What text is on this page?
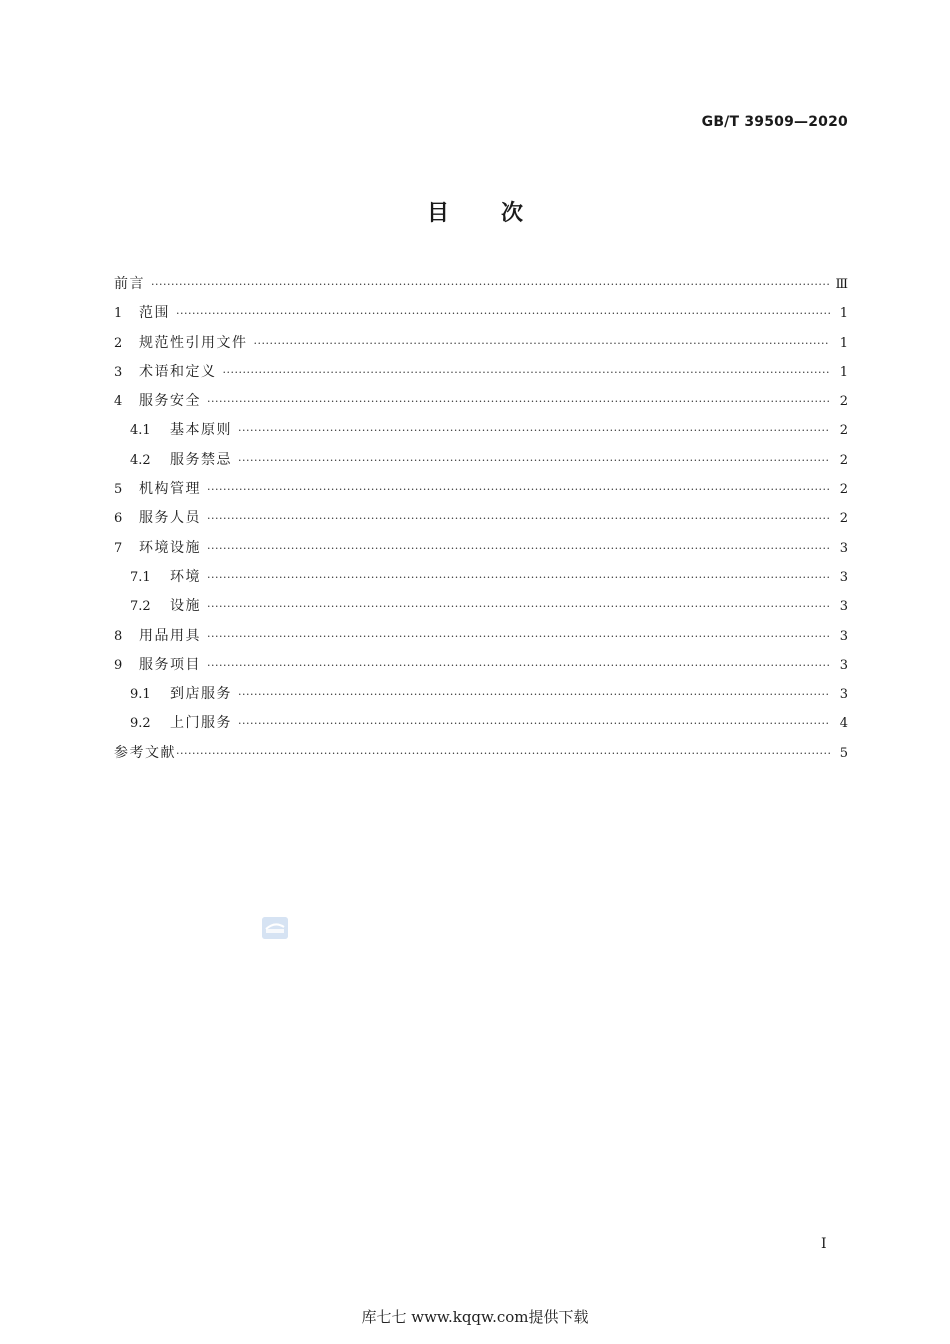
GB/T 39509—2020
目次
前言 ·····	Ⅲ
1	范围 ·····	1
2	规范性引用文件 ·····	1
3	术语和定义 ·····	1
4	服务安全 ·····	2
4.1	基本原则 ·····	2
4.2	服务禁忌 ·····	2
5	机构管理 ·····	2
6	服务人员 ·····	2
7	环境设施 ·····	3
7.1	环境 ·····	3
7.2	设施 ·····	3
8	用品用具 ·····	3
9	服务项目 ·····	3
9.1	到店服务 ·····	3
9.2	上门服务 ·····	4
参考文献 ·····	5
I
库七七 www.kqqw.com提供下载
